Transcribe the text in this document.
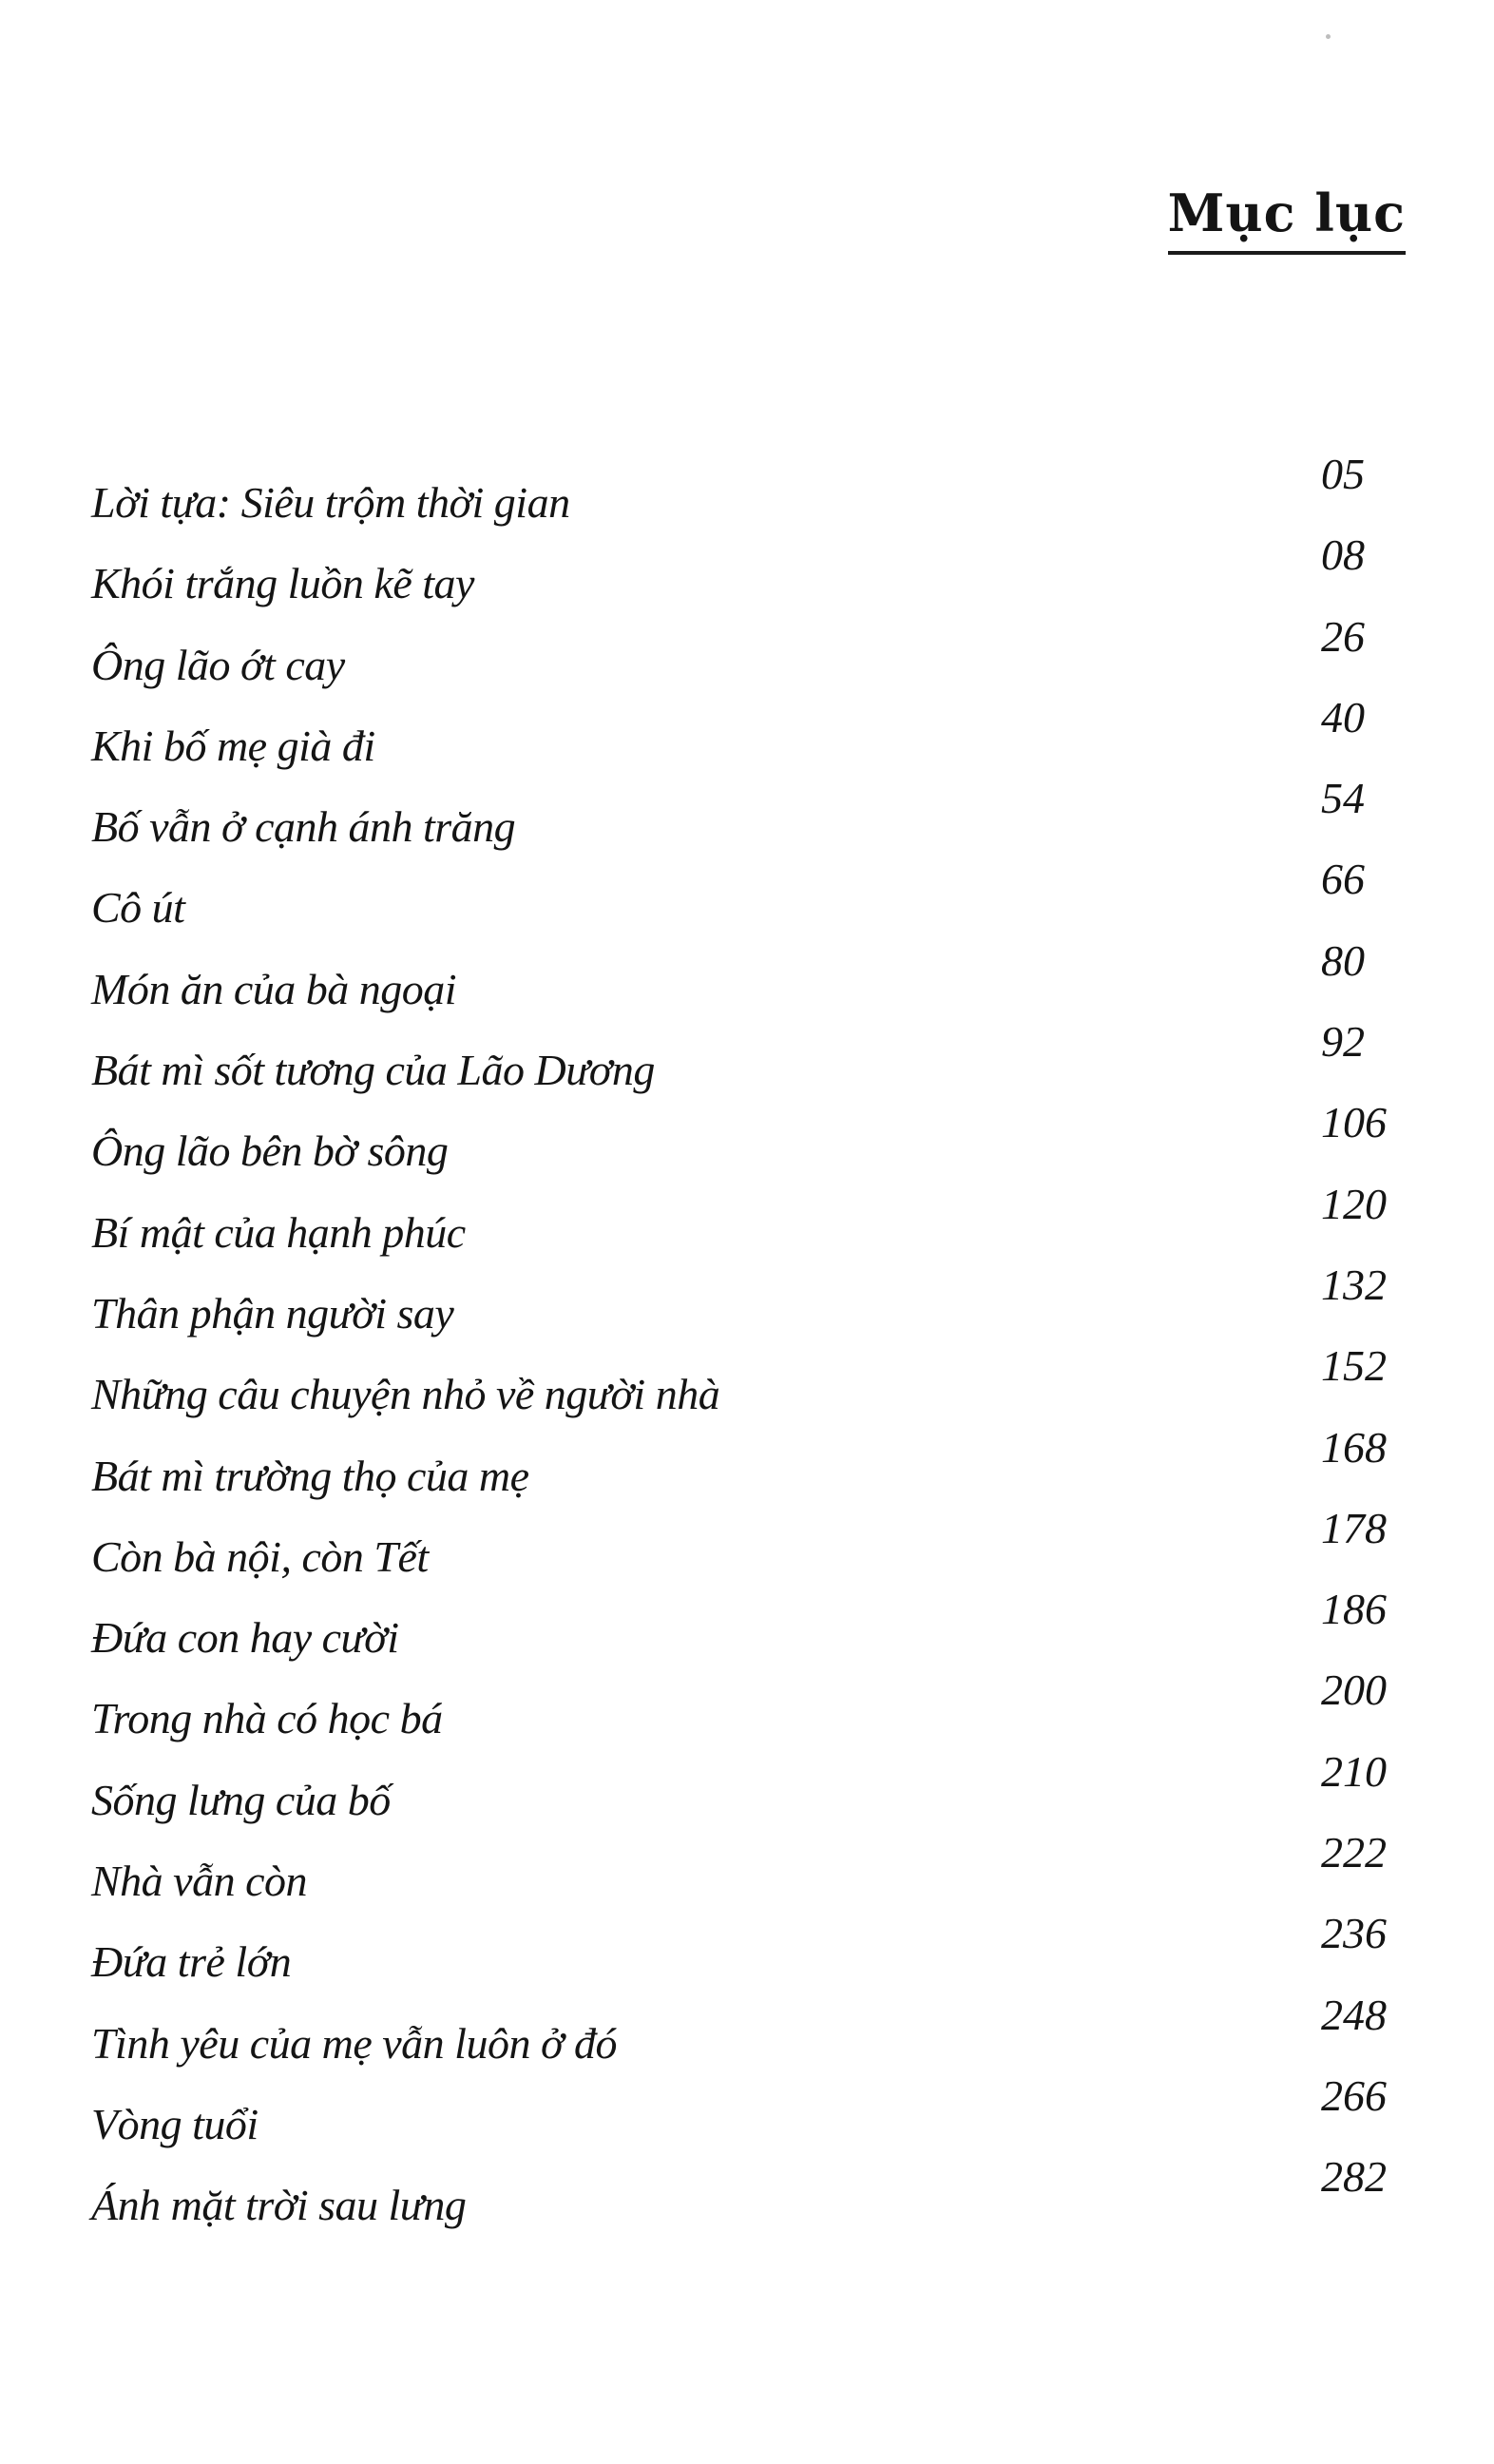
Mục lục
Lời tựa: Siêu trộm thời gian
05
Khói trắng luồn kẽ tay
08
Ông lão ớt cay
26
Khi bố mẹ già đi
40
Bố vẫn ở cạnh ánh trăng
54
Cô út
66
Món ăn của bà ngoại
80
Bát mì sốt tương của Lão Dương
92
Ông lão bên bờ sông
106
Bí mật của hạnh phúc
120
Thân phận người say
132
Những câu chuyện nhỏ về người nhà
152
Bát mì trường thọ của mẹ
168
Còn bà nội, còn Tết
178
Đứa con hay cười
186
Trong nhà có học bá
200
Sống lưng của bố
210
Nhà vẫn còn
222
Đứa trẻ lớn
236
Tình yêu của mẹ vẫn luôn ở đó
248
Vòng tuổi
266
Ánh mặt trời sau lưng
282
